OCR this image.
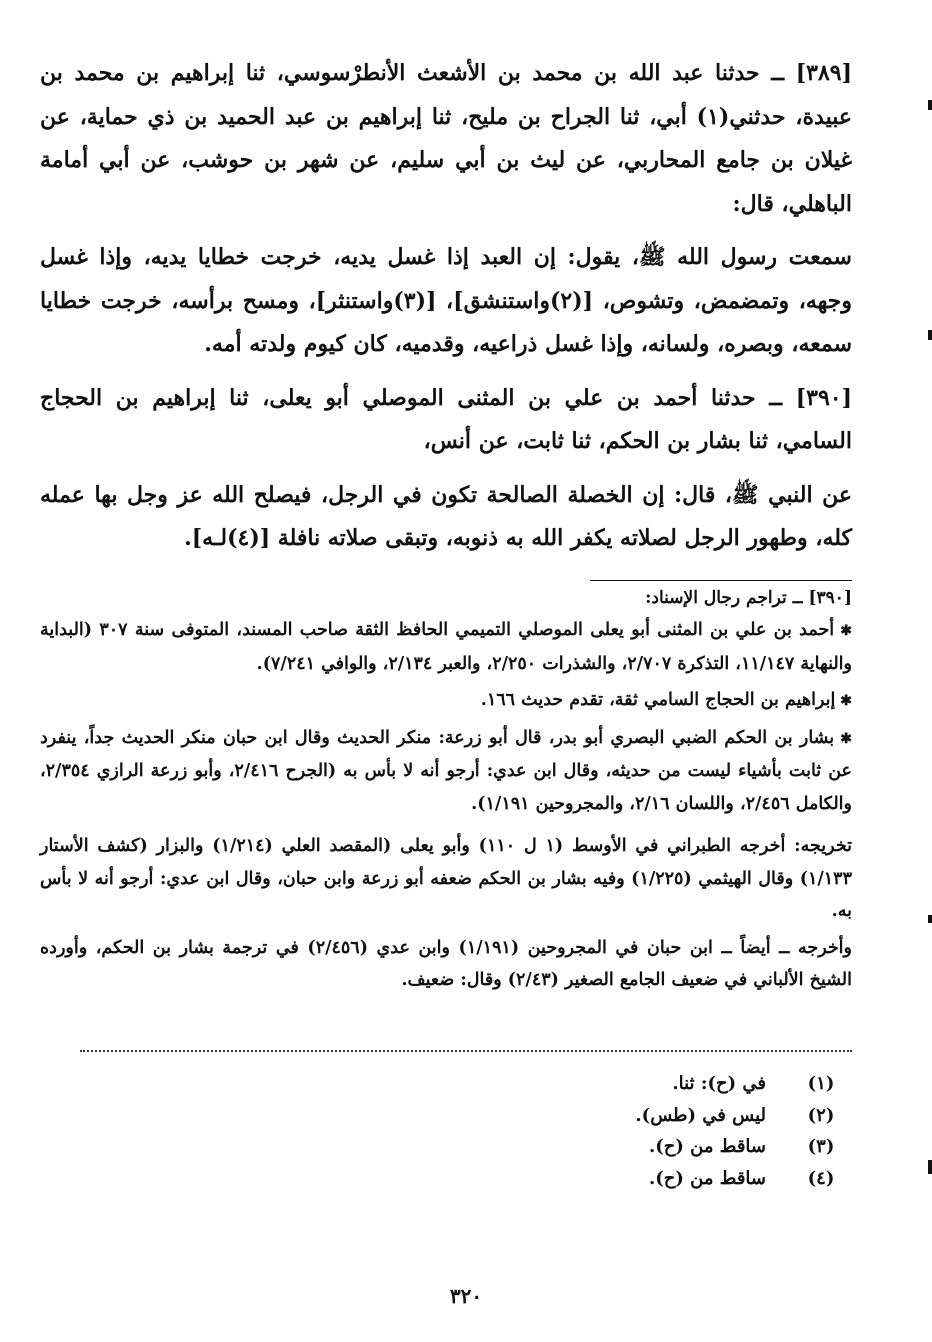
[٣٨٩] ــ حدثنا عبد الله بن محمد بن الأشعث الأنطرْسوسي، ثنا إبراهيم بن محمد بن عبيدة، حدثني(١) أبي، ثنا الجراح بن مليح، ثنا إبراهيم بن عبد الحميد بن ذي حماية، عن غيلان بن جامع المحاربي، عن ليث بن أبي سليم، عن شهر بن حوشب، عن أبي أمامة الباهلي، قال:

سمعت رسول الله ﷺ، يقول: إن العبد إذا غسل يديه، خرجت خطايا يديه، وإذا غسل وجهه، وتمضمض، وتشوص، [(٢)واستنشق]، [(٣)واستنثر]، ومسح برأسه، خرجت خطايا سمعه، وبصره، ولسانه، وإذا غسل ذراعيه، وقدميه، كان كيوم ولدته أمه.

[٣٩٠] ــ حدثنا أحمد بن علي بن المثنى الموصلي أبو يعلى، ثنا إبراهيم بن الحجاج السامي، ثنا بشار بن الحكم، ثنا ثابت، عن أنس،

عن النبي ﷺ، قال: إن الخصلة الصالحة تكون في الرجل، فيصلح الله عز وجل بها عمله كله، وطهور الرجل لصلاته يكفر الله به ذنوبه، وتبقى صلاته نافلة [(٤)لـه].

[٣٩٠] ــ تراجم رجال الإسناد:

✱ أحمد بن علي بن المثنى أبو يعلى الموصلي التميمي الحافظ الثقة صاحب المسند، المتوفى سنة ٣٠٧ (البداية والنهاية ١١/١٤٧، التذكرة ٢/٧٠٧، والشذرات ٢/٢٥٠، والعبر ٢/١٣٤، والوافي ٧/٢٤١).

✱ إبراهيم بن الحجاج السامي ثقة، تقدم حديث ١٦٦.

✱ بشار بن الحكم الضبي البصري أبو بدر، قال أبو زرعة: منكر الحديث وقال ابن حبان منكر الحديث جداً، ينفرد عن ثابت بأشياء ليست من حديثه، وقال ابن عدي: أرجو أنه لا بأس به (الجرح ٢/٤١٦، وأبو زرعة الرازي ٢/٣٥٤، والكامل ٢/٤٥٦، واللسان ٢/١٦، والمجروحين ١/١٩١).

تخريجه: أخرجه الطبراني في الأوسط (١ ل ١١٠) وأبو يعلى (المقصد العلي (١/٢١٤) والبزار (كشف الأستار ١/١٣٣) وقال الهيثمي (١/٢٢٥) وفيه بشار بن الحكم ضعفه أبو زرعة وابن حبان، وقال ابن عدي: أرجو أنه لا بأس به.

وأخرجه ــ أيضاً ــ ابن حبان في المجروحين (١/١٩١) وابن عدي (٢/٤٥٦) في ترجمة بشار بن الحكم، وأورده الشيخ الألباني في ضعيف الجامع الصغير (٢/٤٣) وقال: ضعيف.

(١)
في (ح): ثنا.
(٢)
ليس في (طس).
(٣)
ساقط من (ح).
(٤)
ساقط من (ح).
٣٢٠
